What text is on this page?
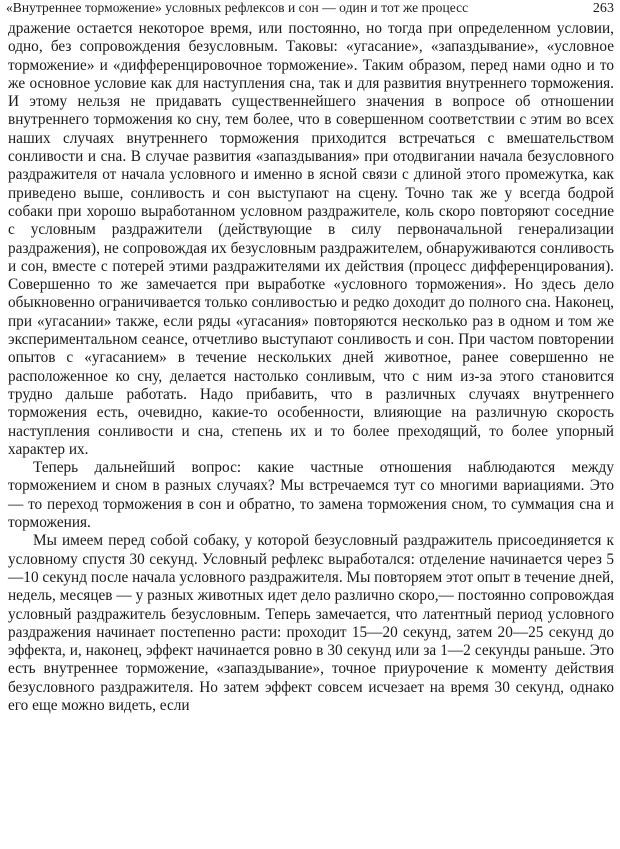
«Внутреннее торможение» условных рефлексов и сон — один и тот же процесс	263

дражение остается некоторое время, или постоянно, но тогда при определенном условии, одно, без сопровождения безусловным. Таковы: «угасание», «запаздывание», «условное торможение» и «дифференцировочное торможение». Таким образом, перед нами одно и то же основное условие как для наступления сна, так и для развития внутреннего торможения. И этому нельзя не придавать существеннейшего значения в вопросе об отношении внутреннего торможения ко сну, тем более, что в совершенном соответствии с этим во всех наших случаях внутреннего торможения приходится встречаться с вмешательством сонливости и сна. В случае развития «запаздывания» при отодвигании начала безусловного раздражителя от начала условного и именно в ясной связи с длиной этого промежутка, как приведено выше, сонливость и сон выступают на сцену. Точно так же у всегда бодрой собаки при хорошо выработанном условном раздражителе, коль скоро повторяют соседние с условным раздражители (действующие в силу первоначальной генерализации раздражения), не сопровождая их безусловным раздражителем, обнаруживаются сонливость и сон, вместе с потерей этими раздражителями их действия (процесс дифференцирования). Совершенно то же замечается при выработке «условного торможения». Но здесь дело обыкновенно ограничивается только сонливостью и редко доходит до полного сна. Наконец, при «угасании» также, если ряды «угасания» повторяются несколько раз в одном и том же экспериментальном сеансе, отчетливо выступают сонливость и сон. При частом повторении опытов с «угасанием» в течение нескольких дней животное, ранее совершенно не расположенное ко сну, делается настолько сонливым, что с ним из-за этого становится трудно дальше работать. Надо прибавить, что в различных случаях внутреннего торможения есть, очевидно, какие-то особенности, влияющие на различную скорость наступления сонливости и сна, степень их и то более преходящий, то более упорный характер их.

Теперь дальнейший вопрос: какие частные отношения наблюдаются между торможением и сном в разных случаях? Мы встречаемся тут со многими вариациями. Это — то переход торможения в сон и обратно, то замена торможения сном, то суммация сна и торможения.

Мы имеем перед собой собаку, у которой безусловный раздражитель присоединяется к условному спустя 30 секунд. Условный рефлекс выработался: отделение начинается через 5—10 секунд после начала условного раздражителя. Мы повторяем этот опыт в течение дней, недель, месяцев — у разных животных идет дело различно скоро,— постоянно сопровождая условный раздражитель безусловным. Теперь замечается, что латентный период условного раздражения начинает постепенно расти: проходит 15—20 секунд, затем 20—25 секунд до эффекта, и, наконец, эффект начинается ровно в 30 секунд или за 1—2 секунды раньше. Это есть внутреннее торможение, «запаздывание», точное приурочение к моменту действия безусловного раздражителя. Но затем эффект совсем исчезает на время 30 секунд, однако его еще можно видеть, если
